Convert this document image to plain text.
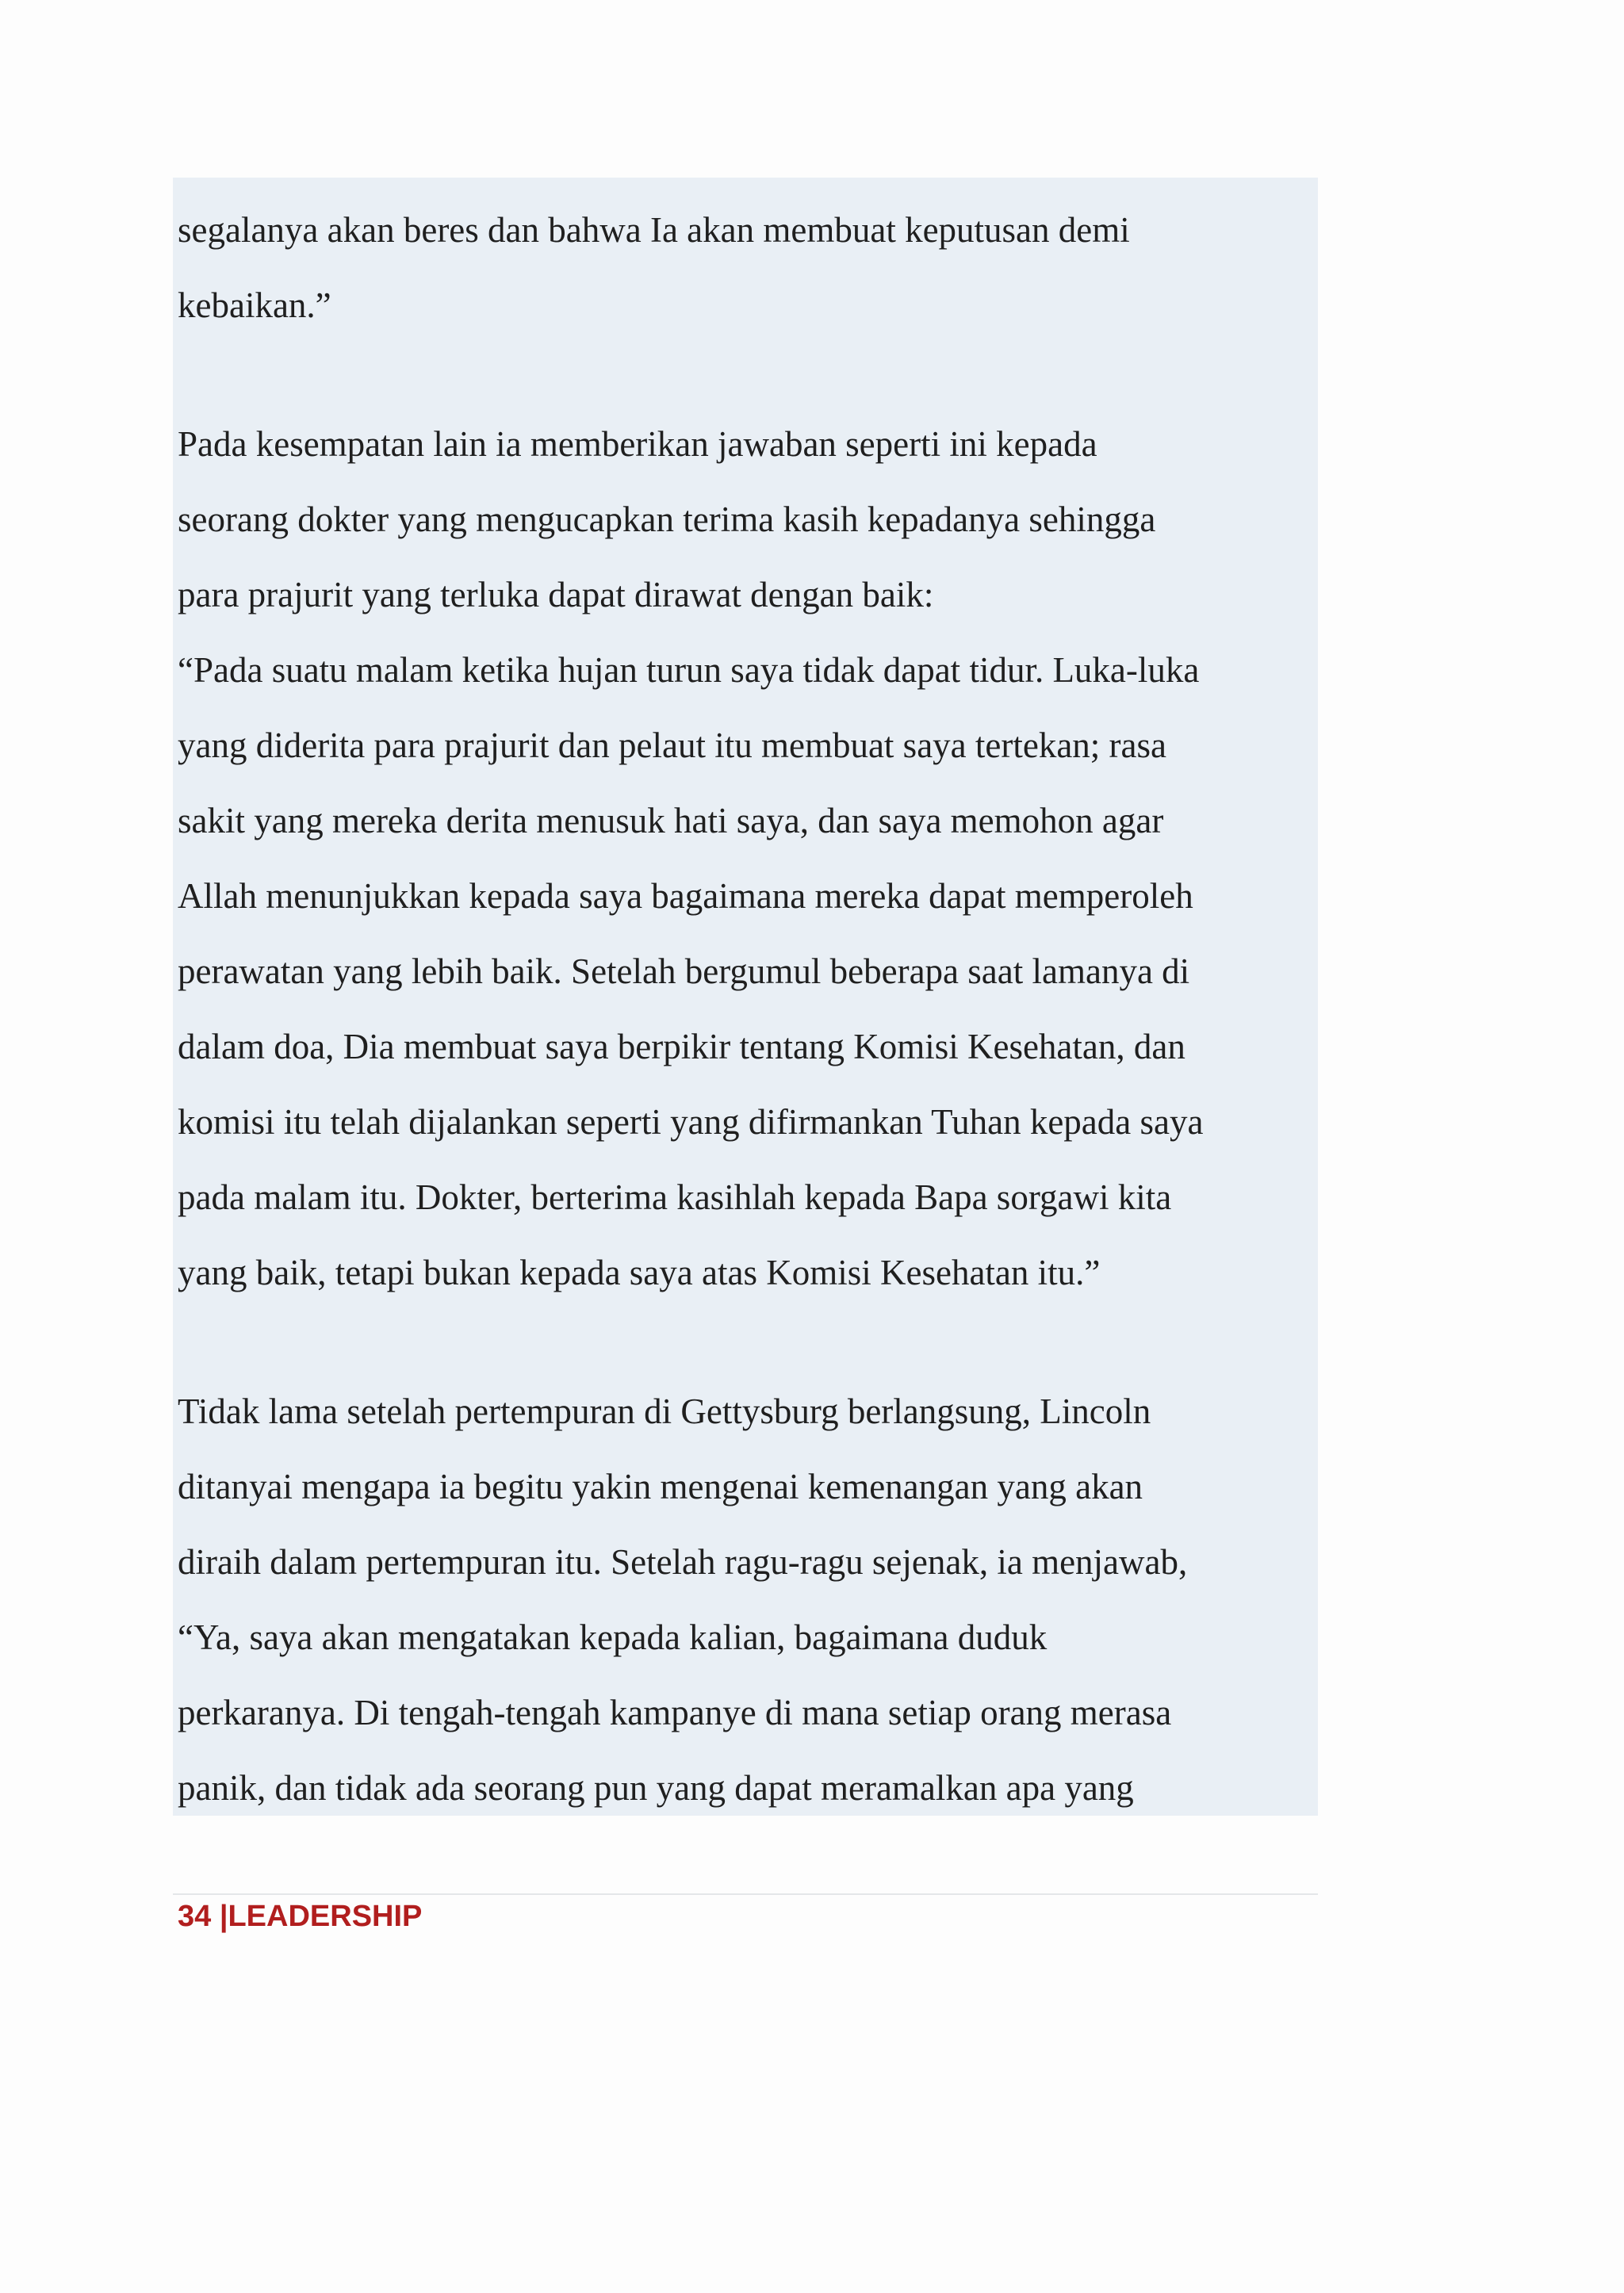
segalanya akan beres dan bahwa Ia akan membuat keputusan demi
kebaikan.”
Pada kesempatan lain ia memberikan jawaban seperti ini kepada
seorang dokter yang mengucapkan terima kasih kepadanya sehingga
para prajurit yang terluka dapat dirawat dengan baik:
“Pada suatu malam ketika hujan turun saya tidak dapat tidur. Luka-luka
yang diderita para prajurit dan pelaut itu membuat saya tertekan; rasa
sakit yang mereka derita menusuk hati saya, dan saya memohon agar
Allah menunjukkan kepada saya bagaimana mereka dapat memperoleh
perawatan yang lebih baik. Setelah bergumul beberapa saat lamanya di
dalam doa, Dia membuat saya berpikir tentang Komisi Kesehatan, dan
komisi itu telah dijalankan seperti yang difirmankan Tuhan kepada saya
pada malam itu. Dokter, berterima kasihlah kepada Bapa sorgawi kita
yang baik, tetapi bukan kepada saya atas Komisi Kesehatan itu.”
Tidak lama setelah pertempuran di Gettysburg berlangsung, Lincoln
ditanyai mengapa ia begitu yakin mengenai kemenangan yang akan
diraih dalam pertempuran itu. Setelah ragu-ragu sejenak, ia menjawab,
“Ya, saya akan mengatakan kepada kalian, bagaimana duduk
perkaranya. Di tengah-tengah kampanye di mana setiap orang merasa
panik, dan tidak ada seorang pun yang dapat meramalkan apa yang
34 |LEADERSHIP
